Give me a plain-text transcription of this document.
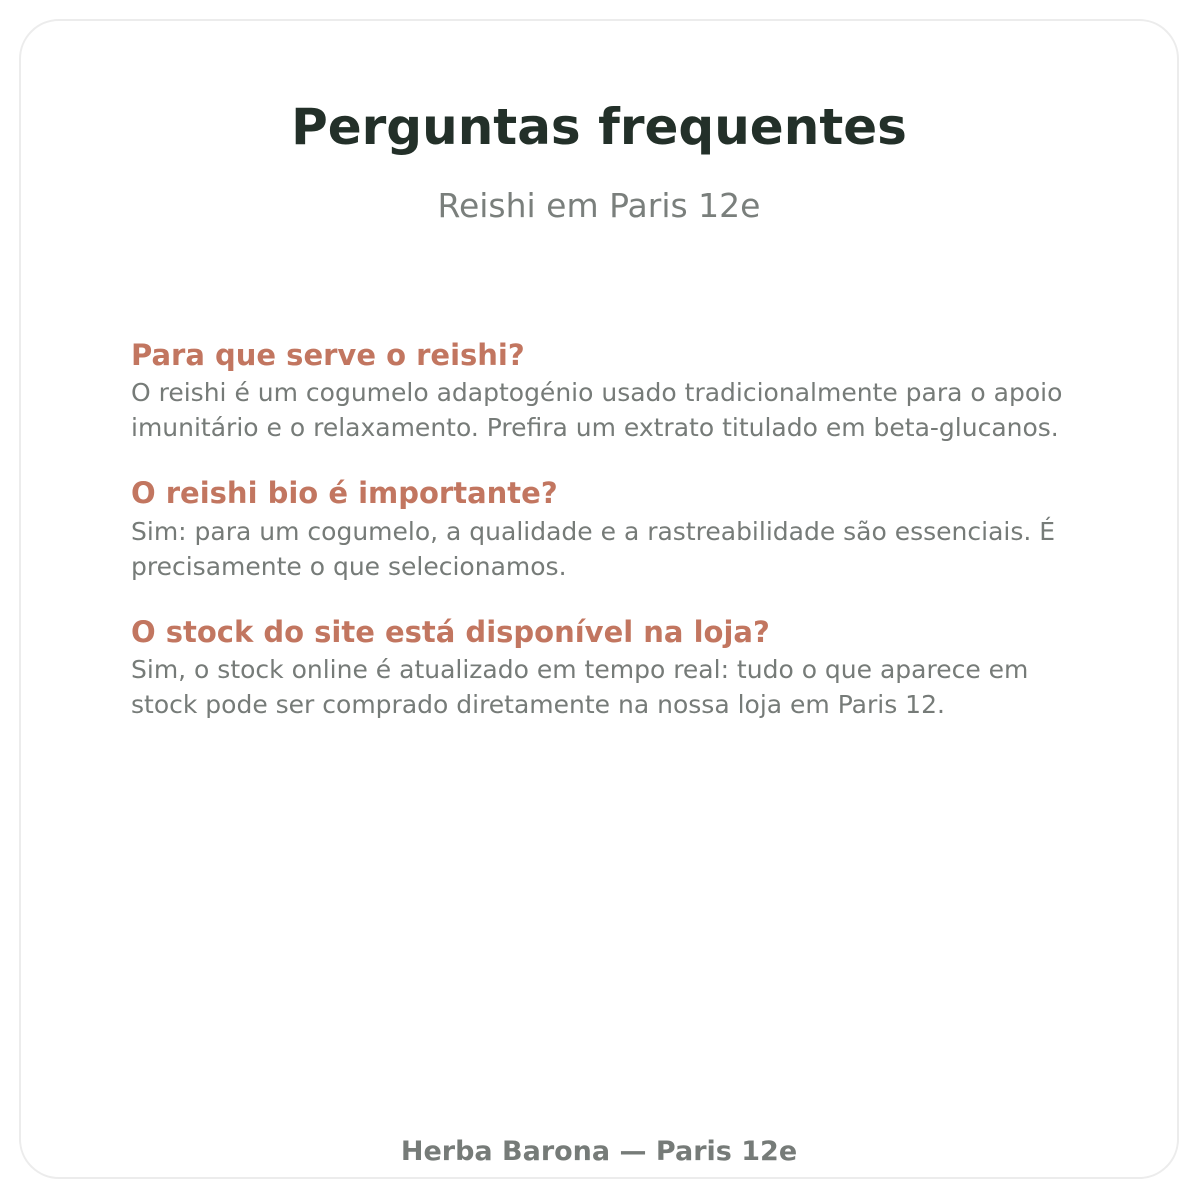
Perguntas frequentes

Reishi em Paris 12e

Para que serve o reishi?

O reishi é um cogumelo adaptogénio usado tradicionalmente para o apoio imunitário e o relaxamento. Prefira um extrato titulado em beta-glucanos.

O reishi bio é importante?

Sim: para um cogumelo, a qualidade e a rastreabilidade são essenciais. É precisamente o que selecionamos.

O stock do site está disponível na loja?

Sim, o stock online é atualizado em tempo real: tudo o que aparece em stock pode ser comprado diretamente na nossa loja em Paris 12.

Herba Barona — Paris 12e
